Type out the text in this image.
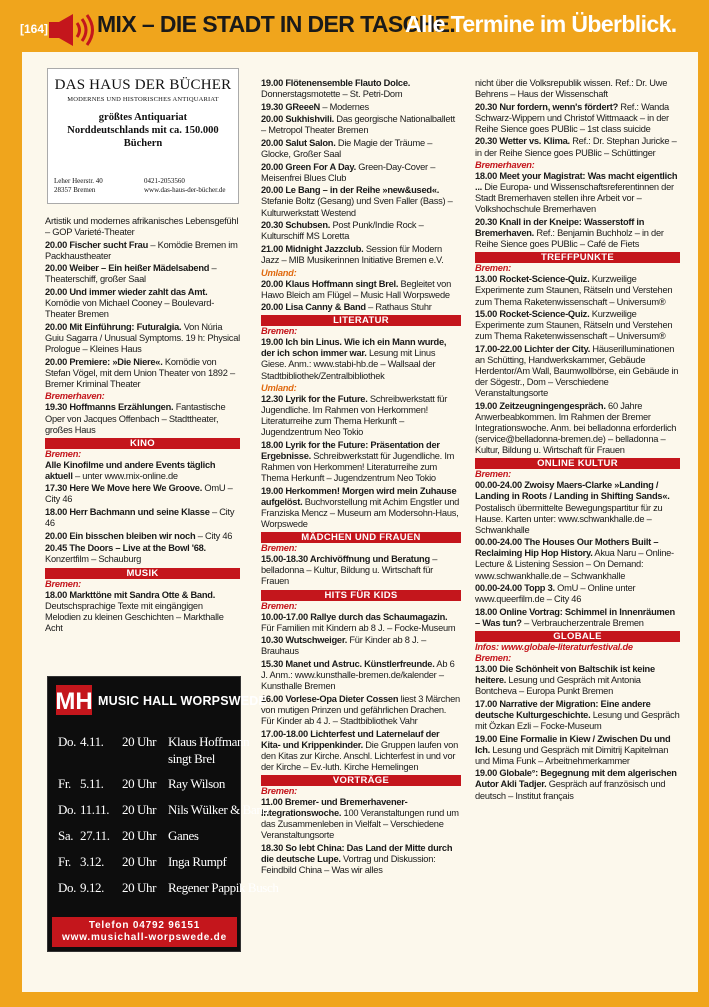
[164] MIX – DIE STADT IN DER TASCHE.
Alle Termine im Überblick.
DAS HAUS DER BÜCHER
MODERNES UND HISTORISCHES ANTIQUARIAT
größtes Antiquariat
Norddeutschlands mit ca. 150.000
Büchern
Leher Heerstr. 40
28357 Bremen
0421-2053560
www.das-haus-der-bücher.de
Artistik und modernes afrikanisches Lebensgefühl – GOP Varieté-Theater
20.00 Fischer sucht Frau – Komödie Bremen im Packhaustheater
20.00 Weiber – Ein heißer Mädelsabend – Theaterschiff, großer Saal
20.00 Und immer wieder zahlt das Amt. Komödie von Michael Cooney – Boulevard-Theater Bremen
20.00 Mit Einführung: Futuralgia. Von Núria Guiu Sagarra / Unusual Symptoms. 19 h: Physical Prologue – Kleines Haus
20.00 Premiere: »Die Niere«. Komödie von Stefan Vögel, mit dem Union Theater von 1892 – Bremer Kriminal Theater
Bremerhaven:
19.30 Hoffmanns Erzählungen. Fantastische Oper von Jacques Offenbach – Stadttheater, großes Haus
KINO
Bremen:
Alle Kinofilme und andere Events täglich aktuell – unter www.mix-online.de
17.30 Here We Move here We Groove. OmU – City 46
18.00 Herr Bachmann und seine Klasse – City 46
20.00 Ein bisschen bleiben wir noch – City 46
20.45 The Doors – Live at the Bowl '68. Konzertfilm – Schauburg
MUSIK
Bremen:
18.00 Markttöne mit Sandra Otte & Band. Deutschsprachige Texte mit eingängigen Melodien zu kleinen Geschichten – Markthalle Acht
19.00 Flötenensemble Flauto Dolce. Donnerstagsmotette – St. Petri-Dom
19.30 GReeeN – Modernes
20.00 Sukhishvili. Das georgische Nationalballett – Metropol Theater Bremen
20.00 Salut Salon. Die Magie der Träume – Glocke, Großer Saal
20.00 Green For A Day. Green-Day-Cover – Meisenfrei Blues Club
20.00 Le Bang – in der Reihe »new&used«. Stefanie Boltz (Gesang) und Sven Faller (Bass) – Kulturwerkstatt Westend
20.30 Schubsen. Post Punk/Indie Rock – Kulturschiff MS Loretta
21.00 Midnight Jazzclub. Session für Modern Jazz – MIB Musikerinnen Initiative Bremen e.V.
Umland:
20.00 Klaus Hoffmann singt Brel. Begleitet von Hawo Bleich am Flügel – Music Hall Worpswede
20.00 Lisa Canny & Band – Rathaus Stuhr
LITERATUR
Bremen:
19.00 Ich bin Linus. Wie ich ein Mann wurde, der ich schon immer war. Lesung mit Linus Giese. Anm.: www.stabi-hb.de – Wallsaal der Stadtbibliothek/Zentralbibliothek
Umland:
12.30 Lyrik for the Future. Schreibwerkstatt für Jugendliche. Im Rahmen von Herkommen! Literaturreihe zum Thema Herkunft – Jugendzentrum Neo Tokio
18.00 Lyrik for the Future: Präsentation der Ergebnisse. Schreibwerkstatt für Jugendliche. Im Rahmen von Herkommen! Literaturreihe zum Thema Herkunft – Jugendzentrum Neo Tokio
19.00 Herkommen! Morgen wird mein Zuhause aufgelöst. Buchvorstellung mit Achim Engstler und Franziska Mencz – Museum am Modersohn-Haus, Worpswede
MÄDCHEN UND FRAUEN
Bremen:
15.00-18.30 Archivöffnung und Beratung – belladonna – Kultur, Bildung u. Wirtschaft für Frauen
HITS FÜR KIDS
Bremen:
10.00-17.00 Rallye durch das Schaumagazin. Für Familien mit Kindern ab 8 J. – Focke-Museum
10.30 Wutschweiger. Für Kinder ab 8 J. – Brauhaus
15.30 Manet und Astruc. Künstlerfreunde. Ab 6 J. Anm.: www.kunsthalle-bremen.de/kalender – Kunsthalle Bremen
16.00 Vorlese-Opa Dieter Cossen liest 3 Märchen von mutigen Prinzen und gefährlichen Drachen. Für Kinder ab 4 J. – Stadtbibliothek Vahr
17.00-18.00 Lichterfest und Laternelauf der Kita- und Krippenkinder. Die Gruppen laufen von den Kitas zur Kirche. Anschl. Lichterfest in und vor der Kirche – Ev.-luth. Kirche Hemelingen
VORTRÄGE
Bremen:
11.00 Bremer- und Bremerhavener-Integrationswoche. 100 Veranstaltungen rund um das Zusammenleben in Vielfalt – Verschiedene Veranstaltungsorte
18.30 So lebt China: Das Land der Mitte durch die deutsche Lupe. Vortrag und Diskussion: Feindbild China – Was wir alles
nicht über die Volksrepublik wissen. Ref.: Dr. Uwe Behrens – Haus der Wissenschaft
20.30 Nur fordern, wenn's fördert? Ref.: Wanda Schwarz-Wippern und Christof Wittmaack – in der Reihe Sience goes PUBlic – 1st class suicide
20.30 Wetter vs. Klima. Ref.: Dr. Stephan Juricke – in der Reihe Sience goes PUBlic – Schüttinger
Bremerhaven:
18.00 Meet your Magistrat: Was macht eigentlich ... Die Europa- und Wissenschaftsreferentinnen der Stadt Bremerhaven stellen ihre Arbeit vor – Volkshochschule Bremerhaven
20.30 Knall in der Kneipe: Wasserstoff in Bremerhaven. Ref.: Benjamin Buchholz – in der Reihe Sience goes PUBlic – Café de Fiets
TREFFPUNKTE
Bremen:
13.00 Rocket-Science-Quiz. Kurzweilige Experimente zum Staunen, Rätseln und Verstehen zum Thema Raketenwissenschaft – Universum®
15.00 Rocket-Science-Quiz. Kurzweilige Experimente zum Staunen, Rätseln und Verstehen zum Thema Raketenwissenschaft – Universum®
17.00-22.00 Lichter der City. Häuserilluminationen an Schütting, Handwerkskammer, Gebäude Herdentor/Am Wall, Baumwollbörse, ein Gebäude in der Sögestr., Dom – Verschiedene Veranstaltungsorte
19.00 Zeitzeugningengespräch. 60 Jahre Anwerbeabkommen. Im Rahmen der Bremer Integrationswoche. Anm. bei belladonna erforderlich (service@belladonna-bremen.de) – belladonna – Kultur, Bildung u. Wirtschaft für Frauen
ONLINE KULTUR
Bremen:
00.00-24.00 Zwoisy Maers-Clarke »Landing / Landing in Roots / Landing in Shifting Sands«. Postalisch übermittelte Bewegungspartitur für zu Hause. Karten unter: www.schwankhalle.de – Schwankhalle
00.00-24.00 The Houses Our Mothers Built – Reclaiming Hip Hop History. Akua Naru – Online-Lecture & Listening Session – On Demand: www.schwankhalle.de – Schwankhalle
00.00-24.00 Topp 3. OmU – Online unter www.queerfilm.de – City 46
18.00 Online Vortrag: Schimmel in Innenräumen – Was tun? – Verbraucherzentrale Bremen
GLOBALE
Infos: www.globale-literaturfestival.de
Bremen:
13.00 Die Schönheit von Baltschik ist keine heitere. Lesung und Gespräch mit Antonia Bontcheva – Europa Punkt Bremen
17.00 Narrative der Migration: Eine andere deutsche Kulturgeschichte. Lesung und Gespräch mit Özkan Ezli – Focke-Museum
19.00 Eine Formalie in Kiew / Zwischen Du und Ich. Lesung und Gespräch mit Dimitrij Kapitelman und Mima Funk – Arbeitnehmerkammer
19.00 Globale°: Begegnung mit dem algerischen Autor Akli Tadjer. Gespräch auf französisch und deutsch – Institut français
MH MUSIC HALL WORPSWEDE
Do. 4.11. 20 Uhr Klaus Hoffmann
singt Brel
Fr. 5.11. 20 Uhr Ray Wilson
Do. 11.11. 20 Uhr Nils Wülker & Band
Sa. 27.11. 20 Uhr Ganes
Fr. 3.12. 20 Uhr Inga Rumpf
Do. 9.12. 20 Uhr Regener Pappik Busch
Telefon 04792 96151
www.musichall-worpswede.de
